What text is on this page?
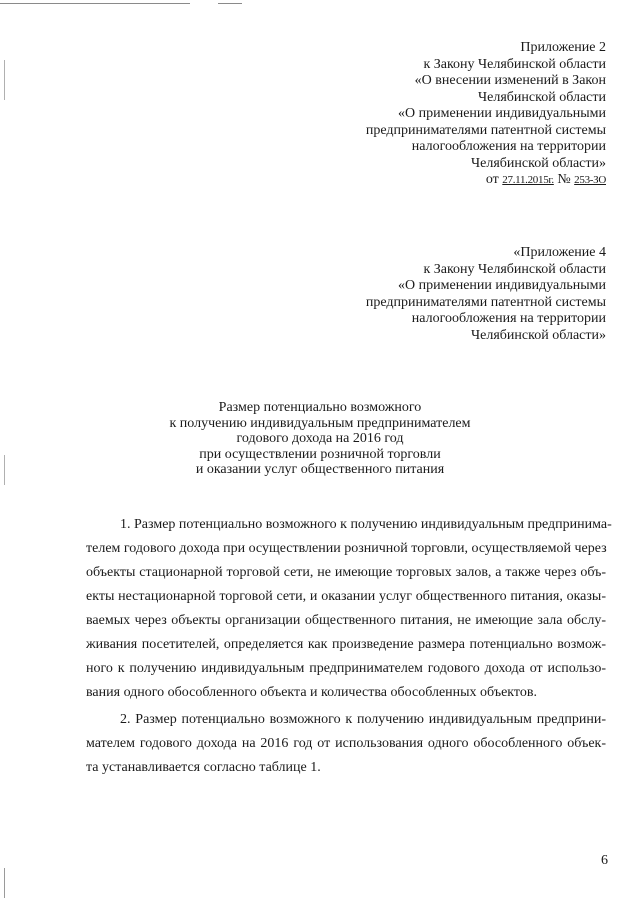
Приложение 2
к Закону Челябинской области
«О внесении изменений в Закон
Челябинской области
«О применении индивидуальными
предпринимателями патентной системы
налогообложения на территории
Челябинской области»
от 27.11.2015г. № 253-ЗО
«Приложение 4
к Закону Челябинской области
«О применении индивидуальными
предпринимателями патентной системы
налогообложения на территории
Челябинской области»
Размер потенциально возможного
к получению индивидуальным предпринимателем
годового дохода на 2016 год
при осуществлении розничной торговли
и оказании услуг общественного питания
1. Размер потенциально возможного к получению индивидуальным предпринима-
телем годового дохода при осуществлении розничной торговли, осуществляемой через
объекты стационарной торговой сети, не имеющие торговых залов, а также через объ-
екты нестационарной торговой сети, и оказании услуг общественного питания, оказы-
ваемых через объекты организации общественного питания, не имеющие зала обслу-
живания посетителей, определяется как произведение размера потенциально возмож-
ного к получению индивидуальным предпринимателем годового дохода от использо-
вания одного обособленного объекта и количества обособленных объектов.
2. Размер потенциально возможного к получению индивидуальным предприни-
мателем годового дохода на 2016 год от использования одного обособленного объек-
та устанавливается согласно таблице 1.
6
